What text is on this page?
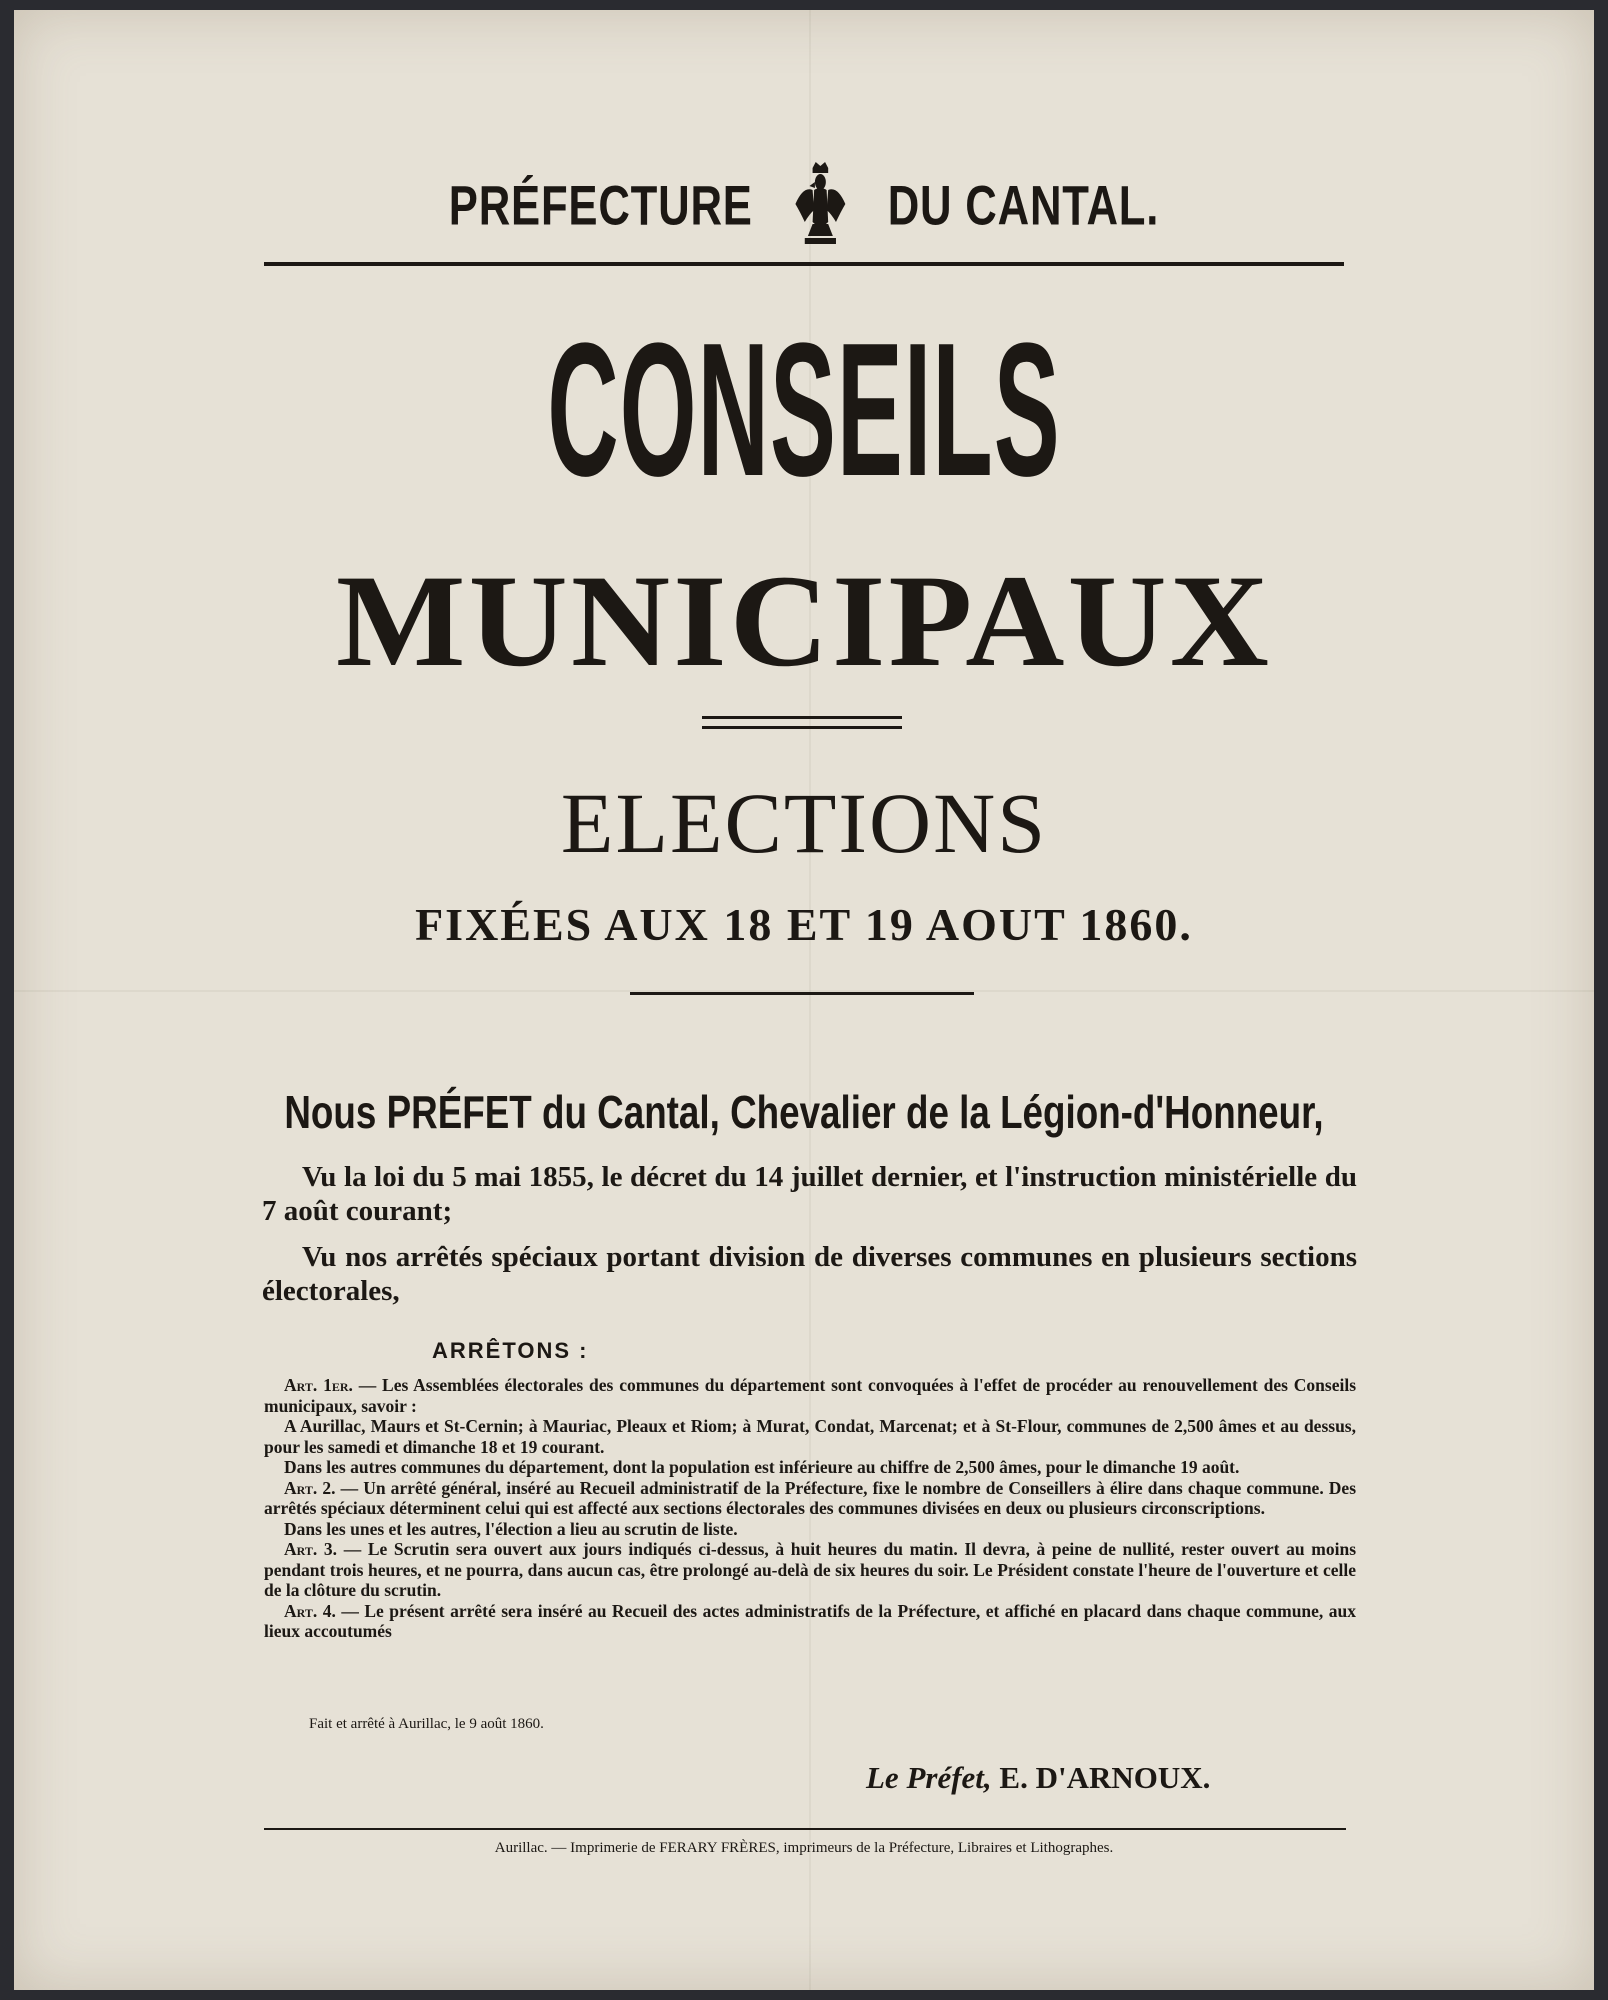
PRÉFECTURE DU CANTAL.
CONSEILS
MUNICIPAUX
ELECTIONS
FIXÉES AUX 18 ET 19 AOUT 1860.
Nous PRÉFET du Cantal, Chevalier de la Légion-d'Honneur,
Vu la loi du 5 mai 1855, le décret du 14 juillet dernier, et l'instruction ministérielle du 7 août courant;
Vu nos arrêtés spéciaux portant division de diverses communes en plusieurs sections électorales,
ARRÊTONS :

Art. 1er. — Les Assemblées électorales des communes du département sont convoquées à l'effet de procéder au renouvellement des Conseils municipaux, savoir :

A Aurillac, Maurs et St-Cernin; à Mauriac, Pleaux et Riom; à Murat, Condat, Marcenat; et à St-Flour, communes de 2,500 âmes et au dessus, pour les samedi et dimanche 18 et 19 courant.

Dans les autres communes du département, dont la population est inférieure au chiffre de 2,500 âmes, pour le dimanche 19 août.

Art. 2. — Un arrêté général, inséré au Recueil administratif de la Préfecture, fixe le nombre de Conseillers à élire dans chaque commune. Des arrêtés spéciaux déterminent celui qui est affecté aux sections électorales des communes divisées en deux ou plusieurs circonscriptions.

Dans les unes et les autres, l'élection a lieu au scrutin de liste.

Art. 3. — Le Scrutin sera ouvert aux jours indiqués ci-dessus, à huit heures du matin. Il devra, à peine de nullité, rester ouvert au moins pendant trois heures, et ne pourra, dans aucun cas, être prolongé au-delà de six heures du soir. Le Président constate l'heure de l'ouverture et celle de la clôture du scrutin.

Art. 4. — Le présent arrêté sera inséré au Recueil des actes administratifs de la Préfecture, et affiché en placard dans chaque commune, aux lieux accoutumés

Fait et arrêté à Aurillac, le 9 août 1860.
Le Préfet, E. D'ARNOUX.
Aurillac. — Imprimerie de FERARY FRÈRES, imprimeurs de la Préfecture, Libraires et Lithographes.
